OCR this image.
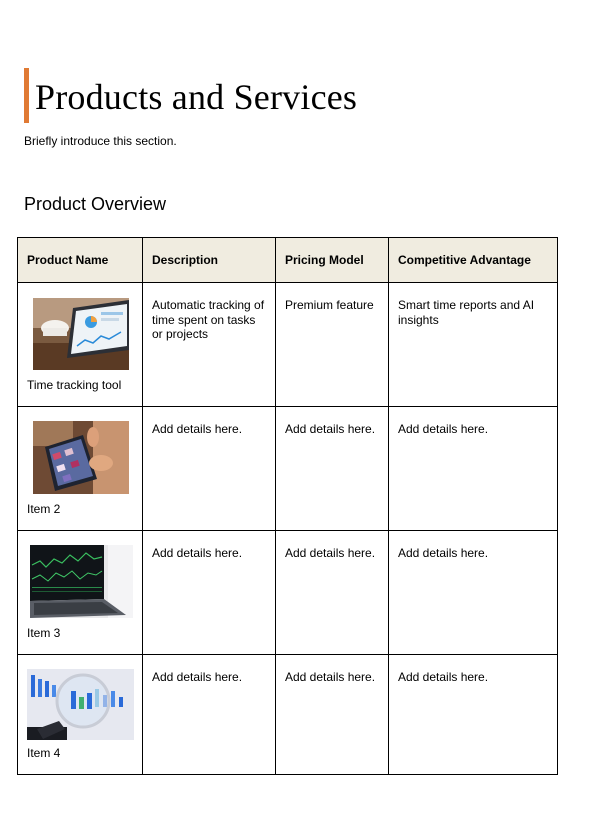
Products and Services
Briefly introduce this section.
Product Overview
Product Name	Description	Pricing Model	Competitive Advantage

Time tracking tool	Automatic tracking of time spent on tasks or projects	Premium feature	Smart time reports and AI insights

Item 2	Add details here.	Add details here.	Add details here.

Item 3	Add details here.	Add details here.	Add details here.

Item 4	Add details here.	Add details here.	Add details here.
